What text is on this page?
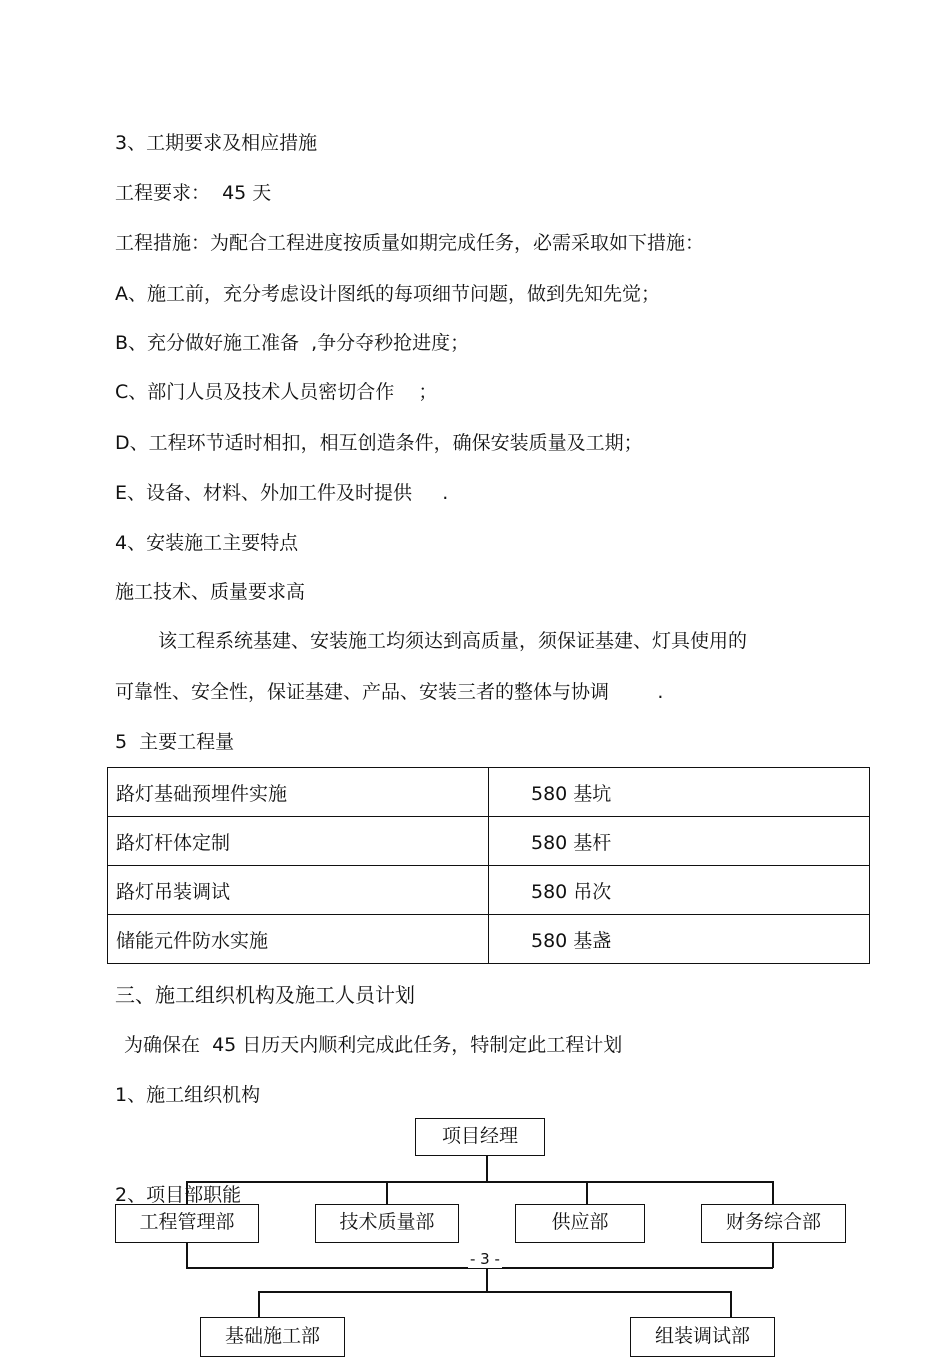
3、工期要求及相应措施
工程要求：  45 天
工程措施：为配合工程进度按质量如期完成任务，必需采取如下措施：
A、施工前，充分考虑设计图纸的每项细节问题，做到先知先觉；
B、充分做好施工准备  ,争分夺秒抢进度；
C、部门人员及技术人员密切合作    ；
D、工程环节适时相扣，相互创造条件，确保安装质量及工期；
E、设备、材料、外加工件及时提供     .
4、安装施工主要特点
施工技术、质量要求高
该工程系统基建、安装施工均须达到高质量，须保证基建、灯具使用的
可靠性、安全性，保证基建、产品、安装三者的整体与协调        .
5  主要工程量
路灯基础预埋件实施	580 基坑
路灯杆体定制	580 基杆
路灯吊装调试	580 吊次
储能元件防水实施	580 基盏
三、施工组织机构及施工人员计划
为确保在  45 日历天内顺利完成此任务，特制定此工程计划
1、施工组织机构
项目经理
工程管理部	技术质量部	供应部	财务综合部
基础施工部	组装调试部
2、项目部职能
- 3 -
